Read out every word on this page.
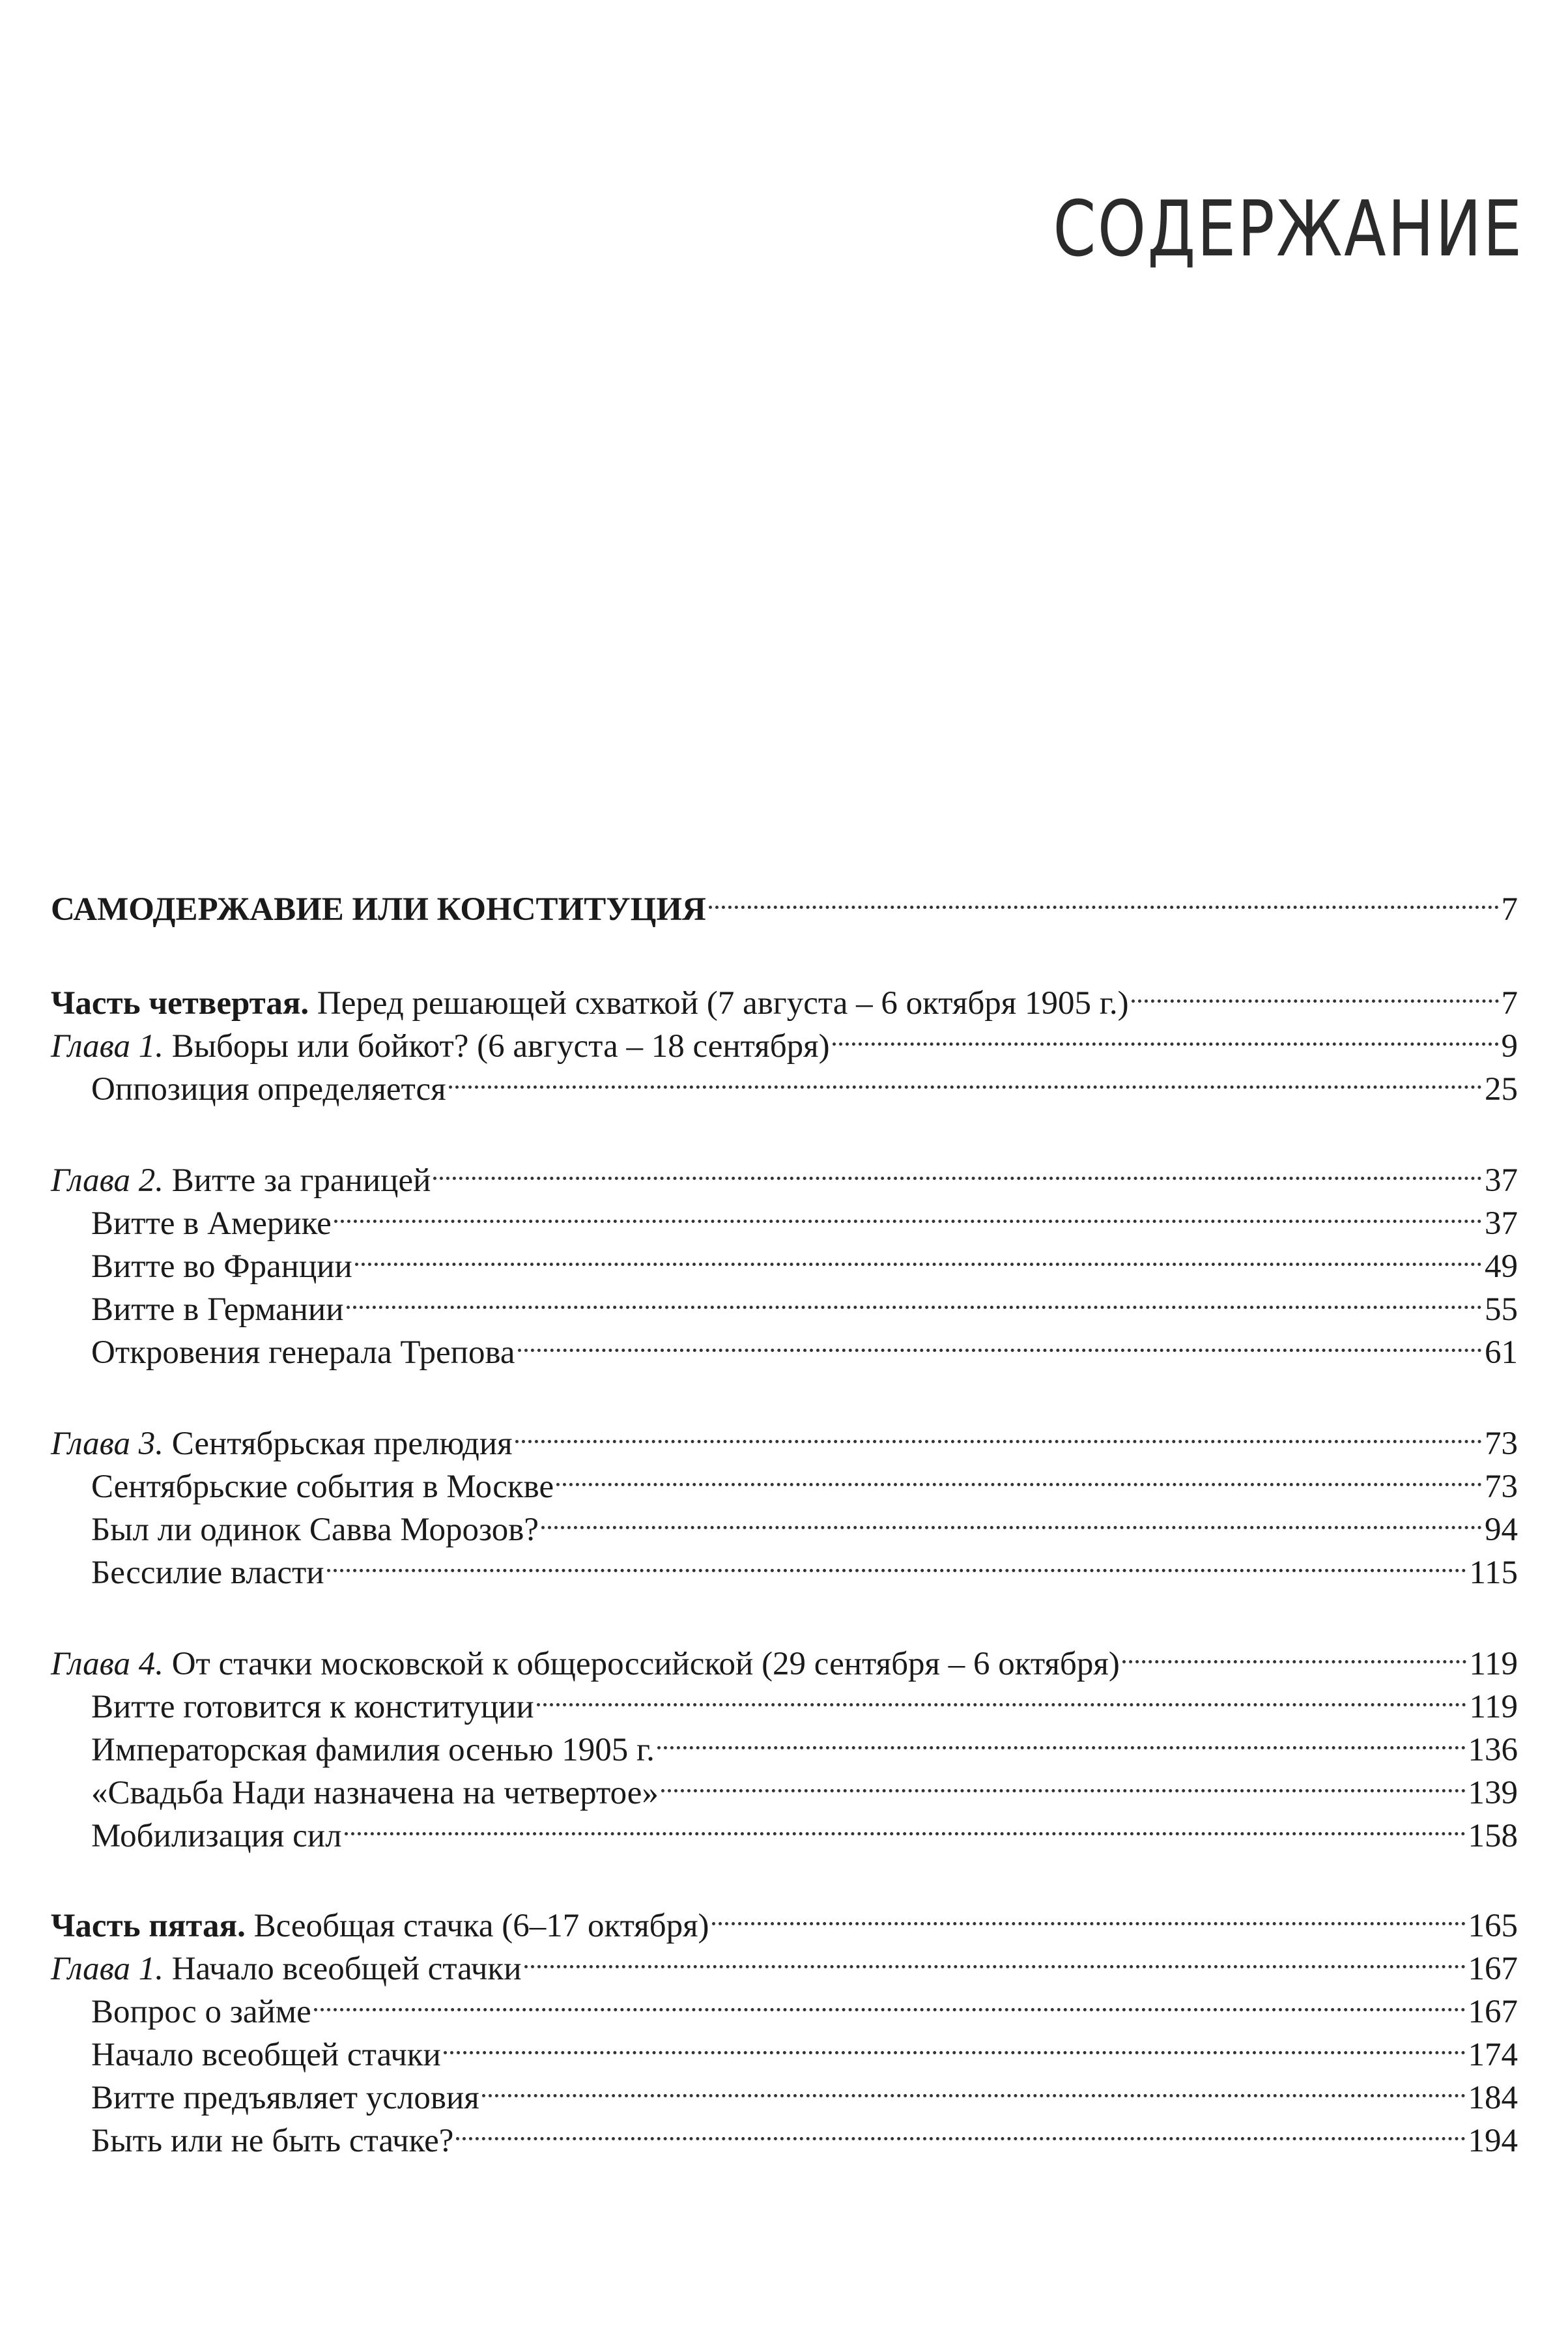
СОДЕРЖАНИЕ
САМОДЕРЖАВИЕ ИЛИ КОНСТИТУЦИЯ	7
Часть четвертая. Перед решающей схваткой (7 августа – 6 октября 1905 г.)	7
Глава 1. Выборы или бойкот? (6 августа – 18 сентября)	9
Оппозиция определяется	25
Глава 2. Витте за границей	37
Витте в Америке	37
Витте во Франции	49
Витте в Германии	55
Откровения генерала Трепова	61
Глава 3. Сентябрьская прелюдия	73
Сентябрьские события в Москве	73
Был ли одинок Савва Морозов?	94
Бессилие власти	115
Глава 4. От стачки московской к общероссийской (29 сентября – 6 октября)	119
Витте готовится к конституции	119
Императорская фамилия осенью 1905 г.	136
«Свадьба Нади назначена на четвертое»	139
Мобилизация сил	158
Часть пятая. Всеобщая стачка (6–17 октября)	165
Глава 1. Начало всеобщей стачки	167
Вопрос о займе	167
Начало всеобщей стачки	174
Витте предъявляет условия	184
Быть или не быть стачке?	194
